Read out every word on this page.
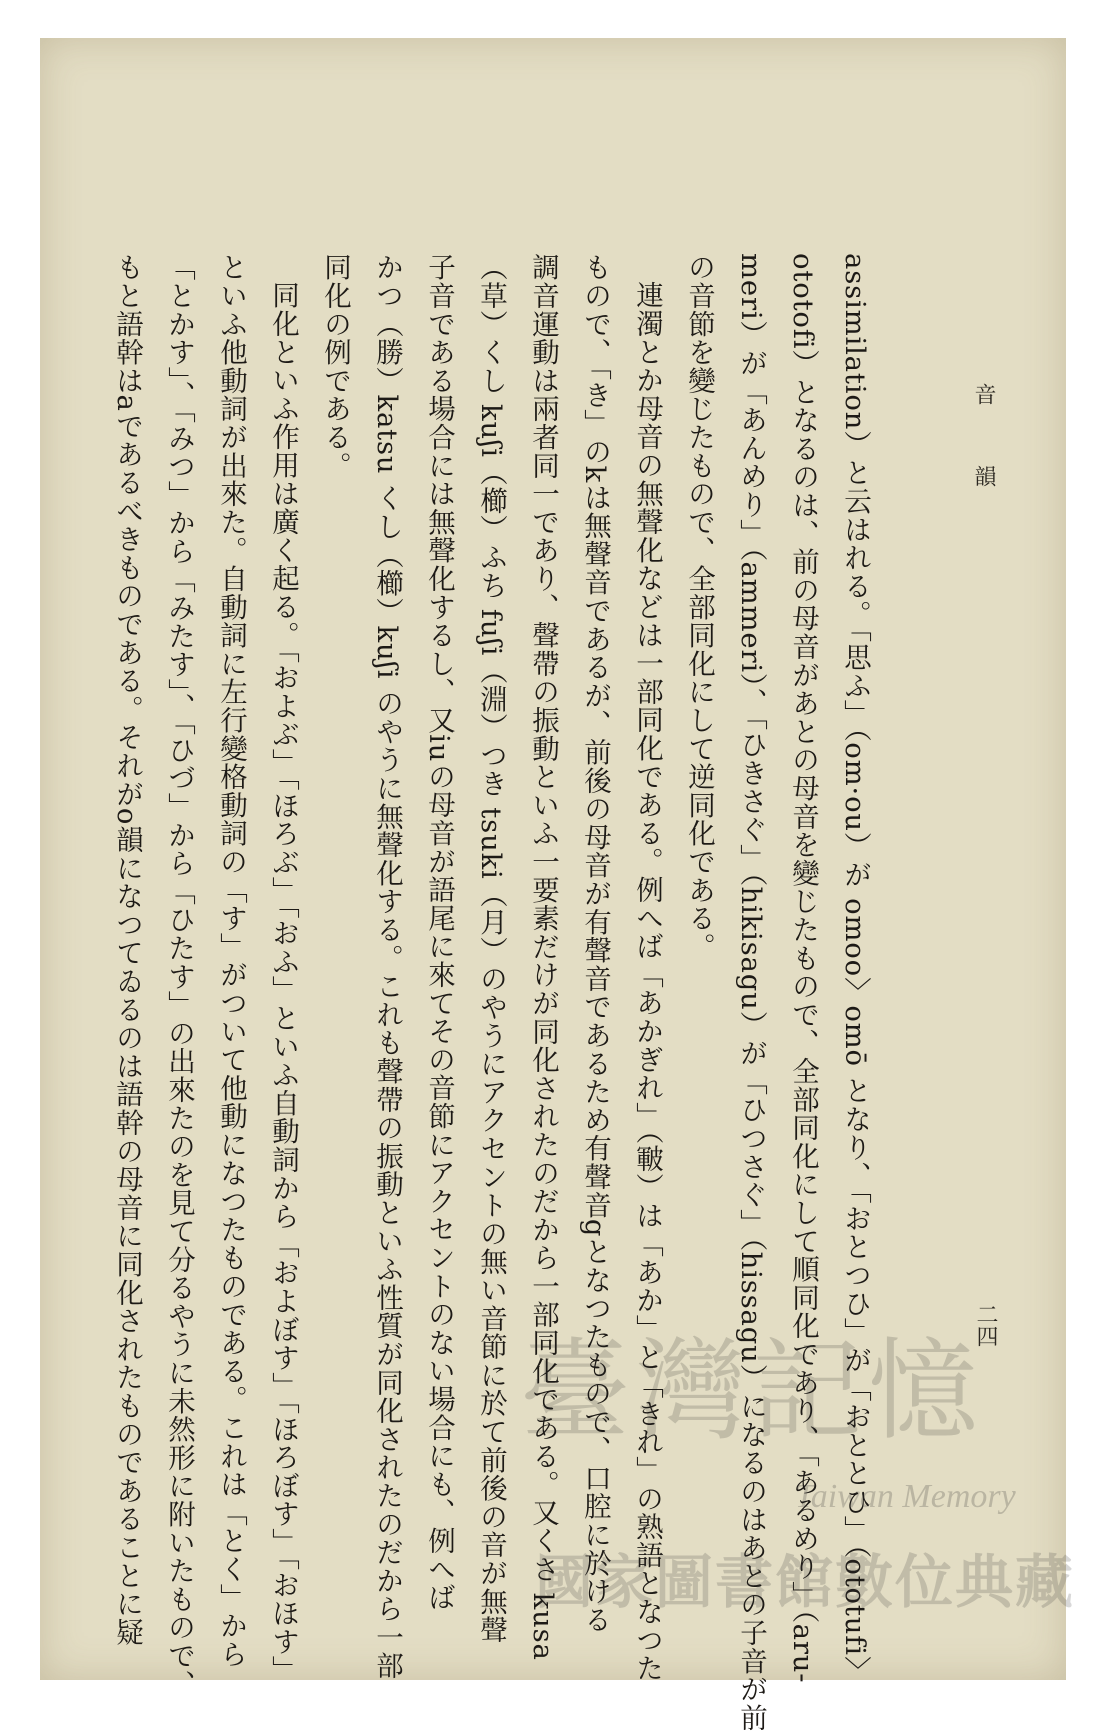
音韻
二四
assimilation）と云はれる。「思ふ」（om·ou）が omoo〉omō となり、「おとつひ」が「おととひ」（ototufi〉
ototofi）となるのは、前の母音があとの母音を變じたもので、全部同化にして順同化であり、「あるめり」（aru-
meri）が「あんめり」（ammeri）、「ひきさぐ」（hikisagu）が「ひつさぐ」（hissagu）になるのはあとの子音が前
の音節を變じたもので、全部同化にして逆同化である。
連濁とか母音の無聲化などは一部同化である。例へば「あかぎれ」（皸）は「あか」と「きれ」の熟語となつた
もので、「き」のkは無聲音であるが、前後の母音が有聲音であるため有聲音gとなつたもので、口腔に於ける
調音運動は兩者同一であり、聲帶の振動といふ一要素だけが同化されたのだから一部同化である。又くさ kusa
（草）くし kuʃi（櫛）ふち fuʃi（淵）つき tsuki（月）のやうにアクセントの無い音節に於て前後の音が無聲
子音である場合には無聲化するし、又iuの母音が語尾に來てその音節にアクセントのない場合にも、例へば
かつ（勝）katsu くし（櫛）kuʃi のやうに無聲化する。これも聲帶の振動といふ性質が同化されたのだから一部
同化の例である。
同化といふ作用は廣く起る。「およぶ」「ほろぶ」「おふ」といふ自動詞から「およぼす」「ほろぼす」「おほす」
といふ他動詞が出來た。自動詞に左行變格動詞の「す」がついて他動になつたものである。これは「とく」から
「とかす」、「みつ」から「みたす」、「ひづ」から「ひたす」の出來たのを見て分るやうに未然形に附いたもので、
もと語幹はaであるべきものである。それがo韻になつてゐるのは語幹の母音に同化されたものであることに疑	臺灣記憶
Taiwan Memory
國家圖書館數位典藏
